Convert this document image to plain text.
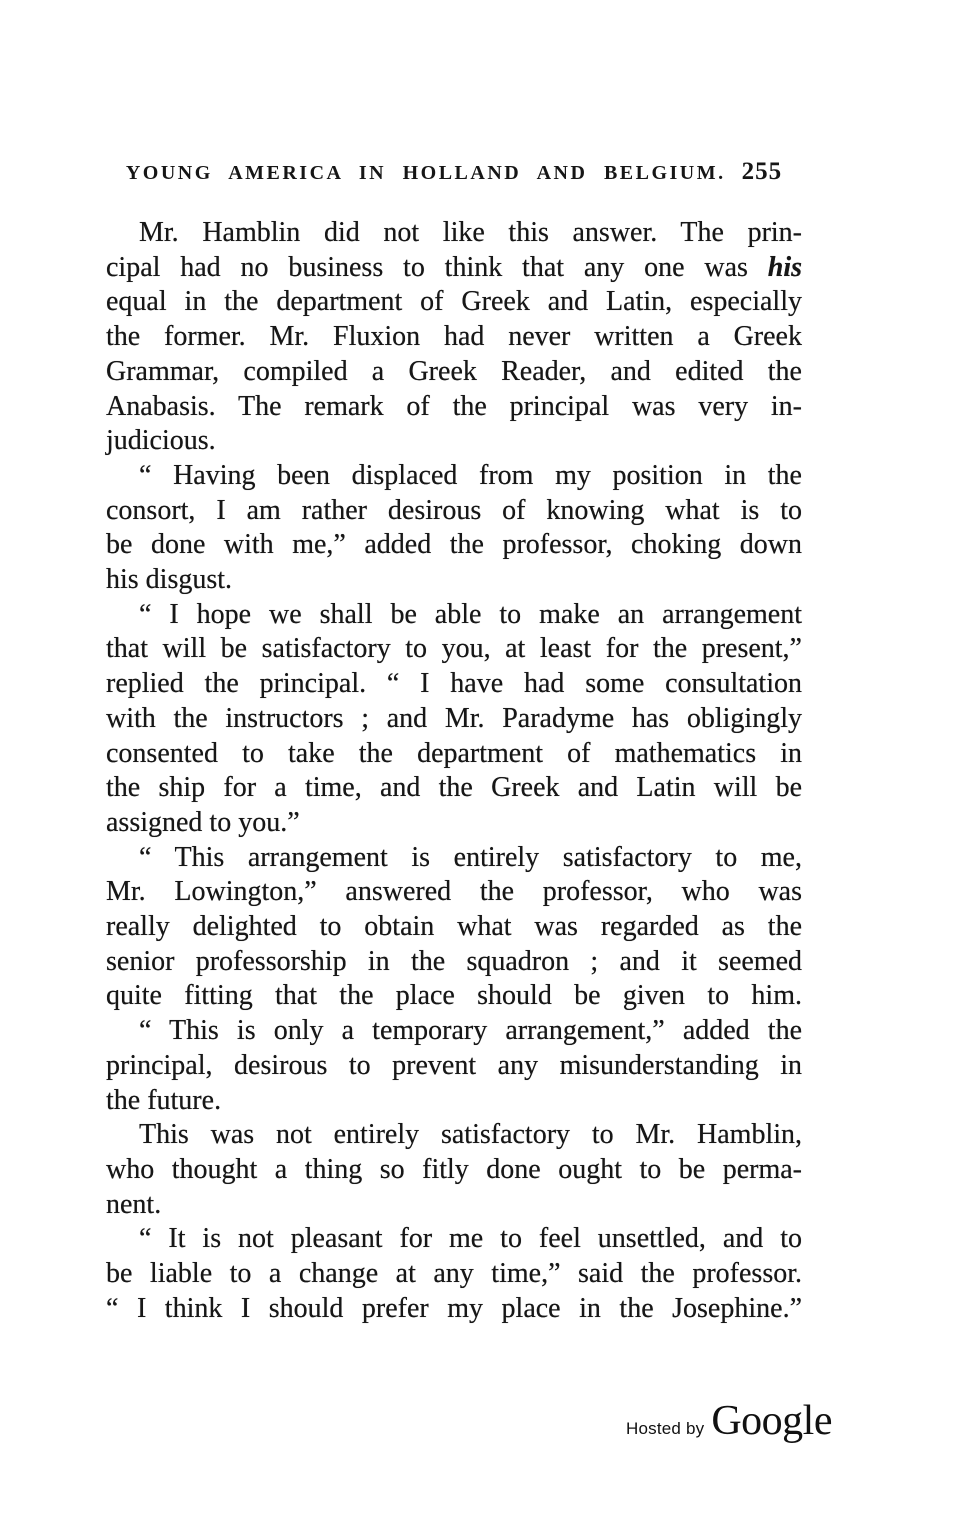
YOUNG AMERICA IN HOLLAND AND BELGIUM. 255
Mr. Hamblin did not like this answer. The prin-
cipal had no business to think that any one was his
equal in the department of Greek and Latin, especially
the former. Mr. Fluxion had never written a Greek
Grammar, compiled a Greek Reader, and edited the
Anabasis. The remark of the principal was very in-
judicious.
“ Having been displaced from my position in the
consort, I am rather desirous of knowing what is to
be done with me,” added the professor, choking down
his disgust.
“ I hope we shall be able to make an arrangement
that will be satisfactory to you, at least for the present,”
replied the principal. “ I have had some consultation
with the instructors ; and Mr. Paradyme has obligingly
consented to take the department of mathematics in
the ship for a time, and the Greek and Latin will be
assigned to you.”
“ This arrangement is entirely satisfactory to me,
Mr. Lowington,” answered the professor, who was
really delighted to obtain what was regarded as the
senior professorship in the squadron ; and it seemed
quite fitting that the place should be given to him.
“ This is only a temporary arrangement,” added the
principal, desirous to prevent any misunderstanding in
the future.
This was not entirely satisfactory to Mr. Hamblin,
who thought a thing so fitly done ought to be perma-
nent.
“ It is not pleasant for me to feel unsettled, and to
be liable to a change at any time,” said the professor.
“ I think I should prefer my place in the Josephine.”
Hosted by Google
